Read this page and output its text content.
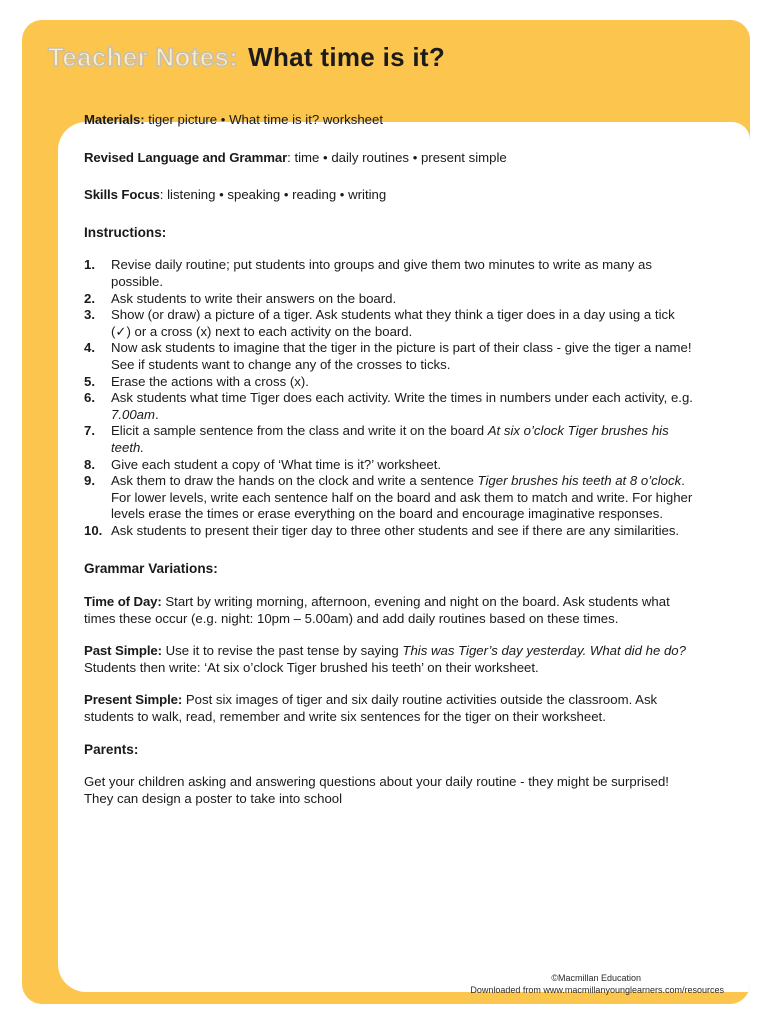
Teacher Notes: What time is it?

Materials: tiger picture • What time is it? worksheet

Revised Language and Grammar: time • daily routines • present simple

Skills Focus: listening • speaking • reading • writing

Instructions:

1. Revise daily routine; put students into groups and give them two minutes to write as many as possible.
2. Ask students to write their answers on the board.
3. Show (or draw) a picture of a tiger. Ask students what they think a tiger does in a day using a tick (✓) or a cross (x) next to each activity on the board.
4. Now ask students to imagine that the tiger in the picture is part of their class - give the tiger a name! See if students want to change any of the crosses to ticks.
5. Erase the actions with a cross (x).
6. Ask students what time Tiger does each activity. Write the times in numbers under each activity, e.g. 7.00am.
7. Elicit a sample sentence from the class and write it on the board At six o’clock Tiger brushes his teeth.
8. Give each student a copy of ‘What time is it?’ worksheet.
9. Ask them to draw the hands on the clock and write a sentence Tiger brushes his teeth at 8 o’clock. For lower levels, write each sentence half on the board and ask them to match and write. For higher levels erase the times or erase everything on the board and encourage imaginative responses.
10. Ask students to present their tiger day to three other students and see if there are any similarities.

Grammar Variations:

Time of Day: Start by writing morning, afternoon, evening and night on the board. Ask students what times these occur (e.g. night: 10pm – 5.00am) and add daily routines based on these times.

Past Simple: Use it to revise the past tense by saying This was Tiger’s day yesterday. What did he do? Students then write: ‘At six o’clock Tiger brushed his teeth’ on their worksheet.

Present Simple: Post six images of tiger and six daily routine activities outside the classroom. Ask students to walk, read, remember and write six sentences for the tiger on their worksheet.

Parents:

Get your children asking and answering questions about your daily routine - they might be surprised! They can design a poster to take into school

MACMILLAN
YOUNG LEARNERS
©Macmillan Education
Downloaded from www.macmillanyounglearners.com/resources
